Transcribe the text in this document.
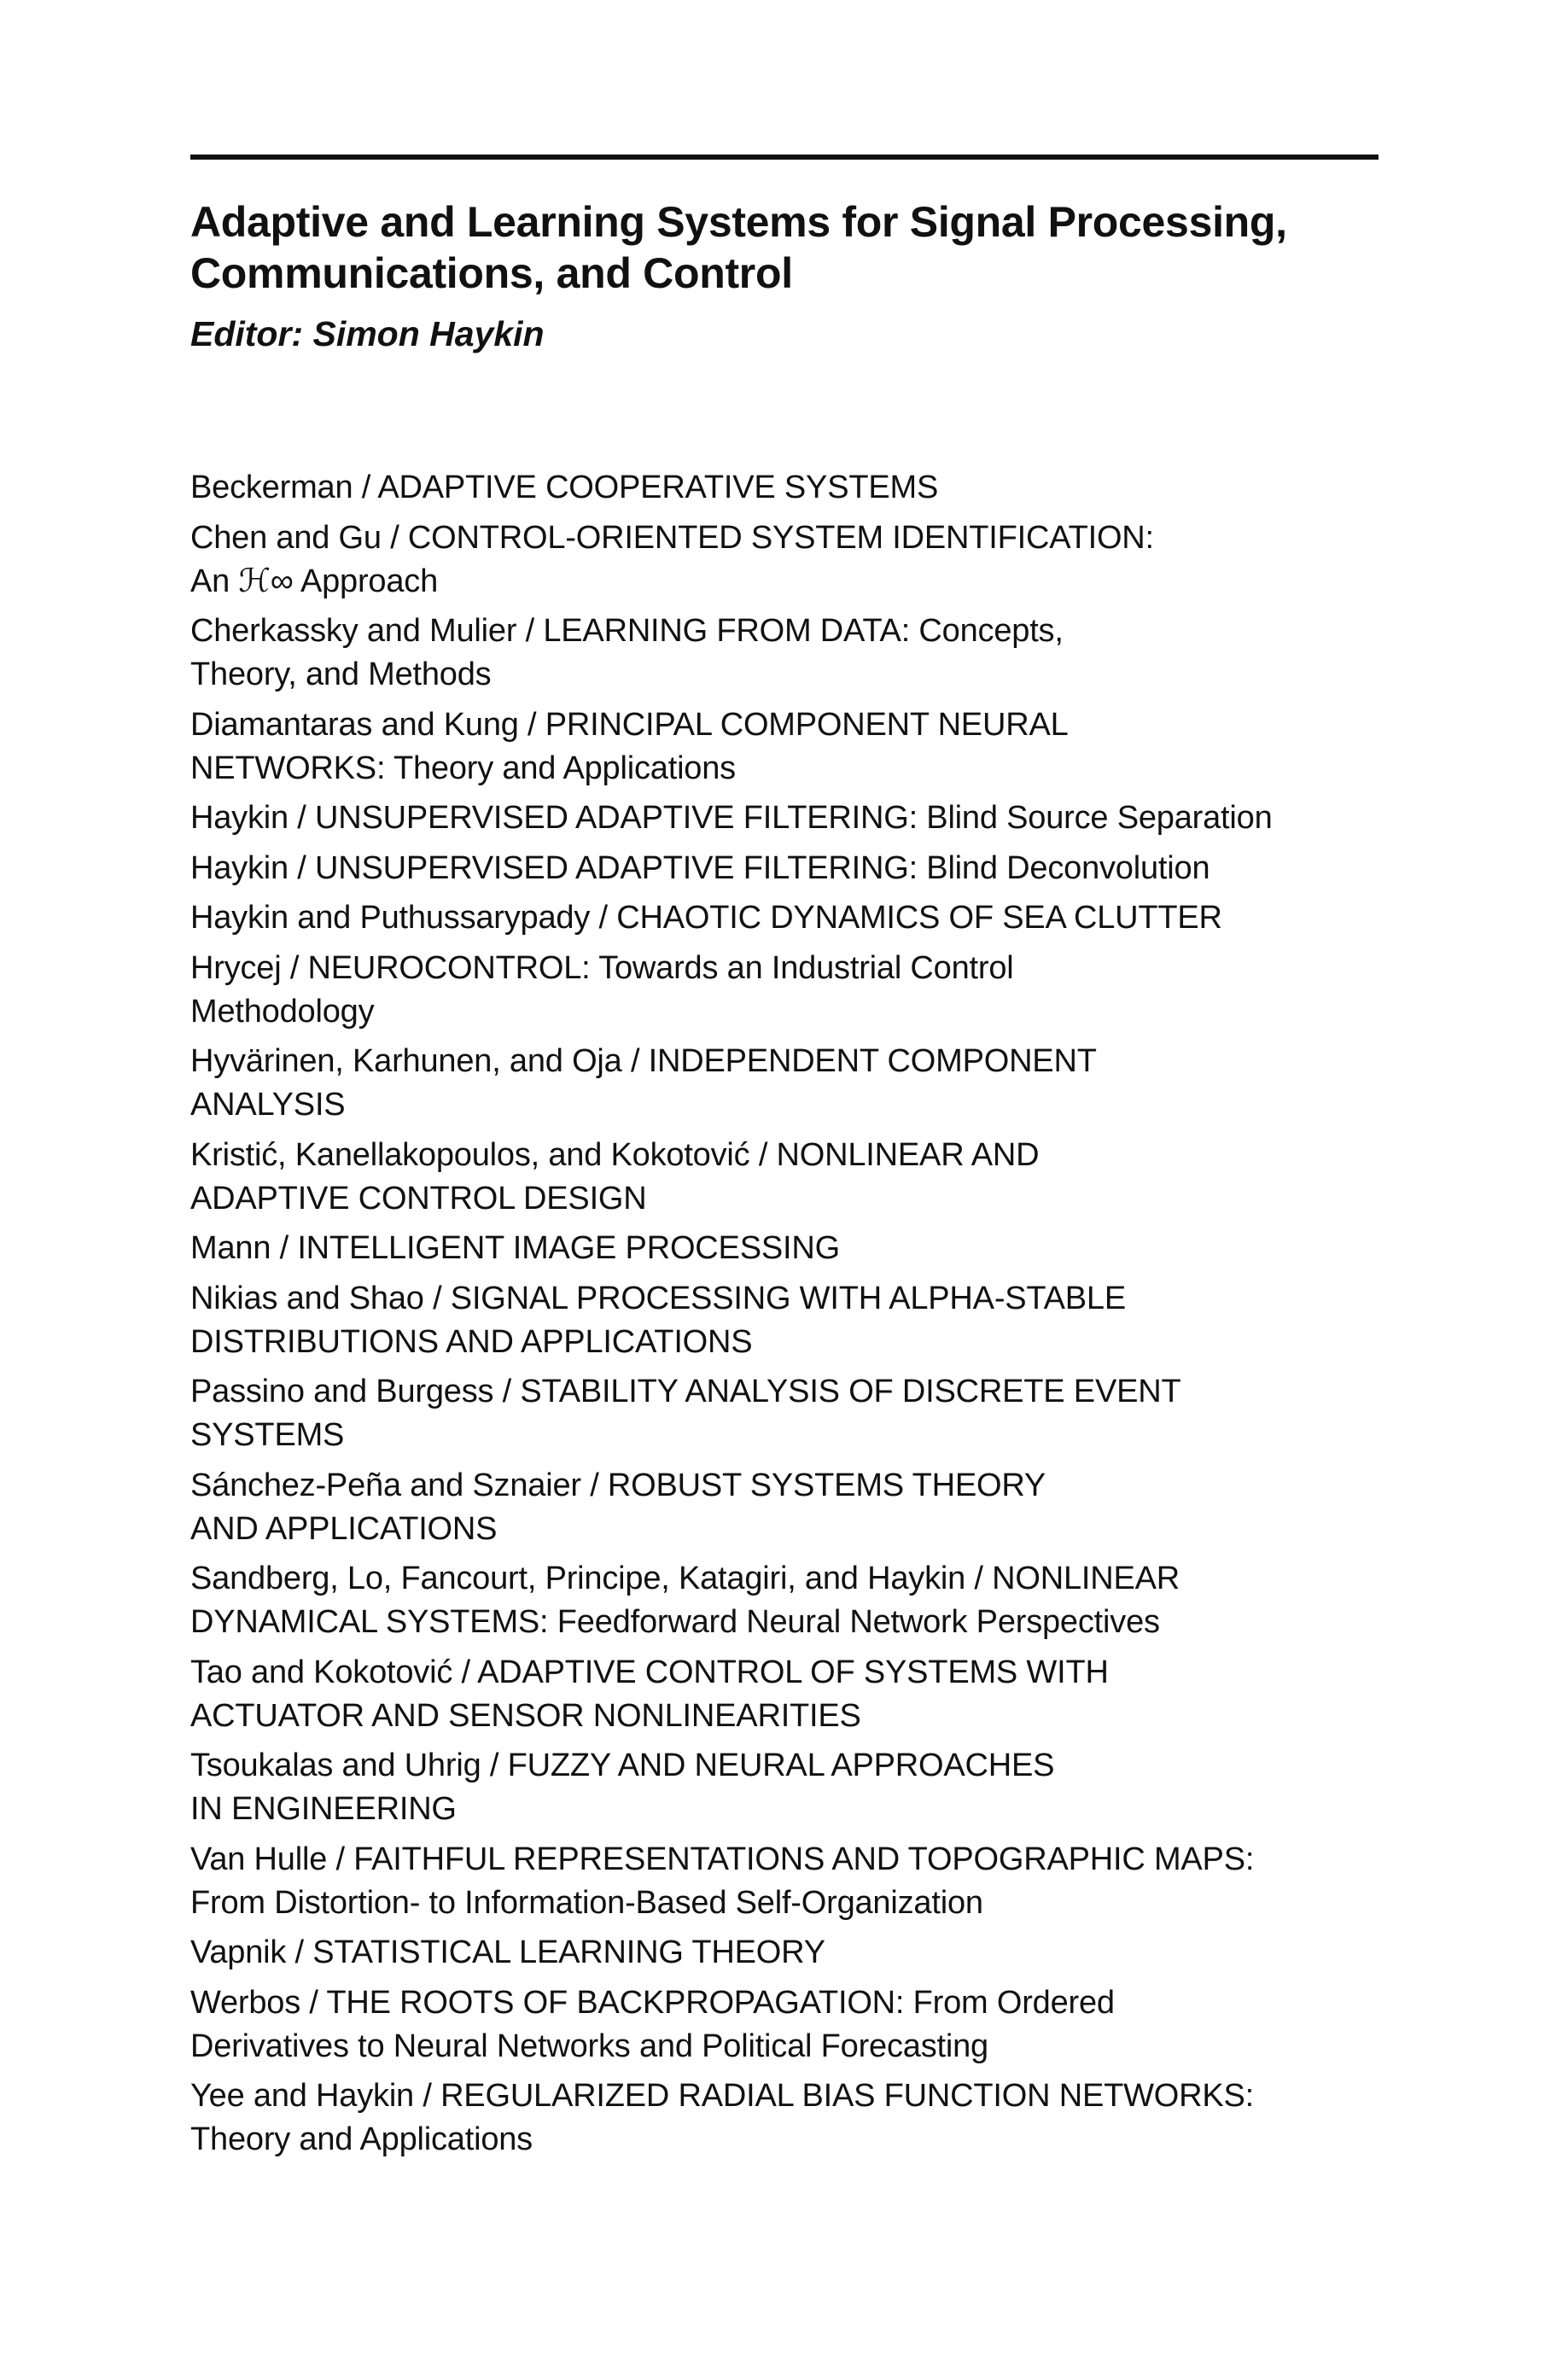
Adaptive and Learning Systems for Signal Processing,
Communications, and Control

Editor: Simon Haykin

Beckerman / ADAPTIVE COOPERATIVE SYSTEMS
Chen and Gu / CONTROL-ORIENTED SYSTEM IDENTIFICATION:
An ℋ∞ Approach
Cherkassky and Mulier / LEARNING FROM DATA: Concepts,
Theory, and Methods
Diamantaras and Kung / PRINCIPAL COMPONENT NEURAL
NETWORKS: Theory and Applications
Haykin / UNSUPERVISED ADAPTIVE FILTERING: Blind Source Separation
Haykin / UNSUPERVISED ADAPTIVE FILTERING: Blind Deconvolution
Haykin and Puthussarypady / CHAOTIC DYNAMICS OF SEA CLUTTER
Hrycej / NEUROCONTROL: Towards an Industrial Control
Methodology
Hyvärinen, Karhunen, and Oja / INDEPENDENT COMPONENT
ANALYSIS
Kristić, Kanellakopoulos, and Kokotović / NONLINEAR AND
ADAPTIVE CONTROL DESIGN
Mann / INTELLIGENT IMAGE PROCESSING
Nikias and Shao / SIGNAL PROCESSING WITH ALPHA-STABLE
DISTRIBUTIONS AND APPLICATIONS
Passino and Burgess / STABILITY ANALYSIS OF DISCRETE EVENT
SYSTEMS
Sánchez-Peña and Sznaier / ROBUST SYSTEMS THEORY
AND APPLICATIONS
Sandberg, Lo, Fancourt, Principe, Katagiri, and Haykin / NONLINEAR
DYNAMICAL SYSTEMS: Feedforward Neural Network Perspectives
Tao and Kokotović / ADAPTIVE CONTROL OF SYSTEMS WITH
ACTUATOR AND SENSOR NONLINEARITIES
Tsoukalas and Uhrig / FUZZY AND NEURAL APPROACHES
IN ENGINEERING
Van Hulle / FAITHFUL REPRESENTATIONS AND TOPOGRAPHIC MAPS:
From Distortion- to Information-Based Self-Organization
Vapnik / STATISTICAL LEARNING THEORY
Werbos / THE ROOTS OF BACKPROPAGATION: From Ordered
Derivatives to Neural Networks and Political Forecasting
Yee and Haykin / REGULARIZED RADIAL BIAS FUNCTION NETWORKS:
Theory and Applications
